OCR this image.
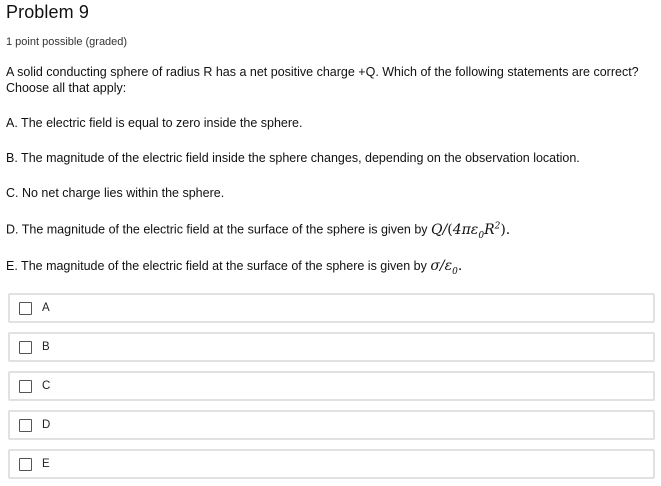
Problem 9
1 point possible (graded)
A solid conducting sphere of radius R has a net positive charge +Q. Which of the following statements are correct? Choose all that apply:
A. The electric field is equal to zero inside the sphere.
B. The magnitude of the electric field inside the sphere changes, depending on the observation location.
C. No net charge lies within the sphere.
D. The magnitude of the electric field at the surface of the sphere is given by $Q/(4\pi\varepsilon_0R^2)$.
E. The magnitude of the electric field at the surface of the sphere is given by $\sigma/\varepsilon_0$.
A
B
C
D
E
